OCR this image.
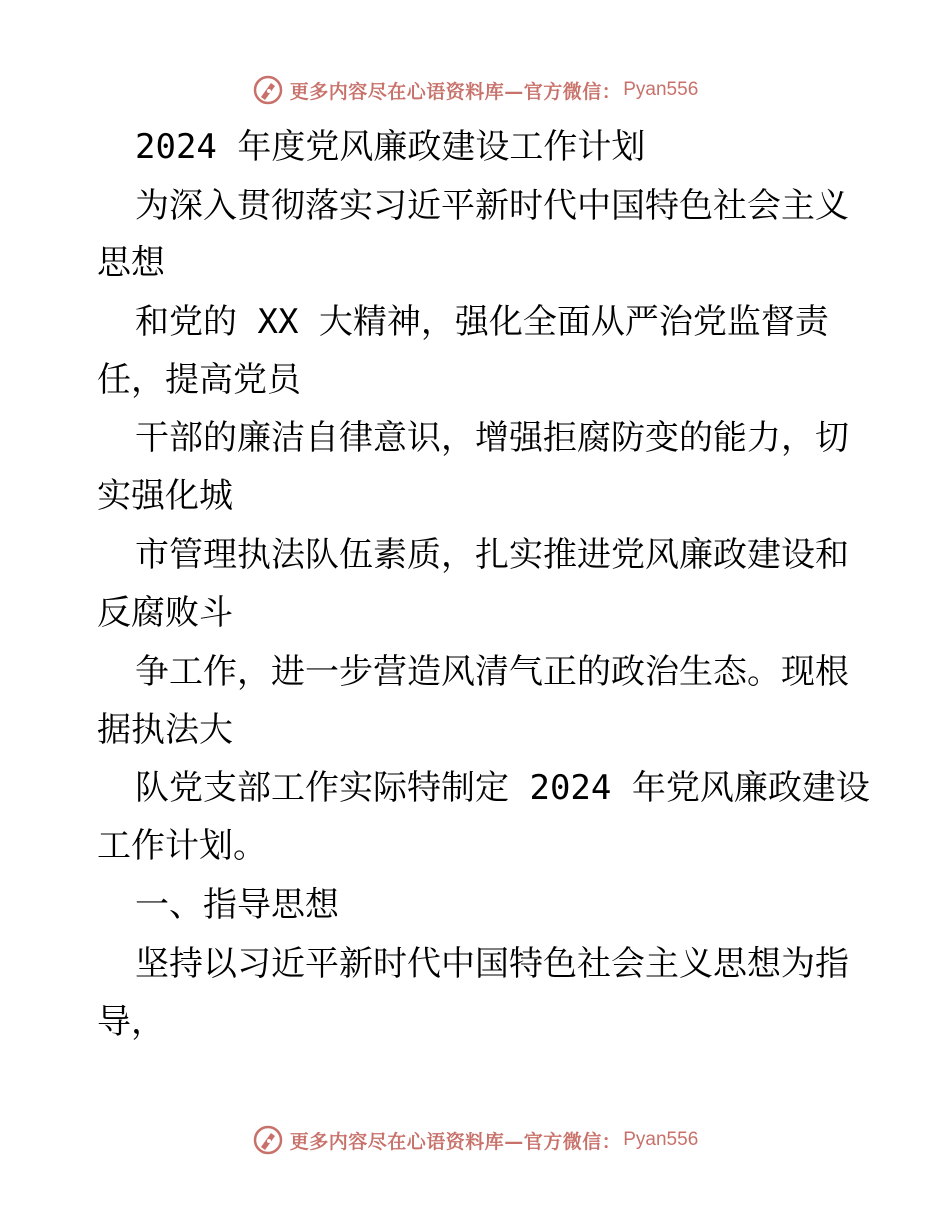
更多内容尽在心语资料库—官方微信： Pyan556
2024 年度党风廉政建设工作计划
为深入贯彻落实习近平新时代中国特色社会主义
思想
和党的 XX 大精神，强化全面从严治党监督责
任，提高党员
干部的廉洁自律意识，增强拒腐防变的能力，切
实强化城
市管理执法队伍素质，扎实推进党风廉政建设和
反腐败斗
争工作，进一步营造风清气正的政治生态。现根
据执法大
队党支部工作实际特制定 2024 年党风廉政建设
工作计划。
一、指导思想
坚持以习近平新时代中国特色社会主义思想为指
导，
更多内容尽在心语资料库—官方微信： Pyan556
